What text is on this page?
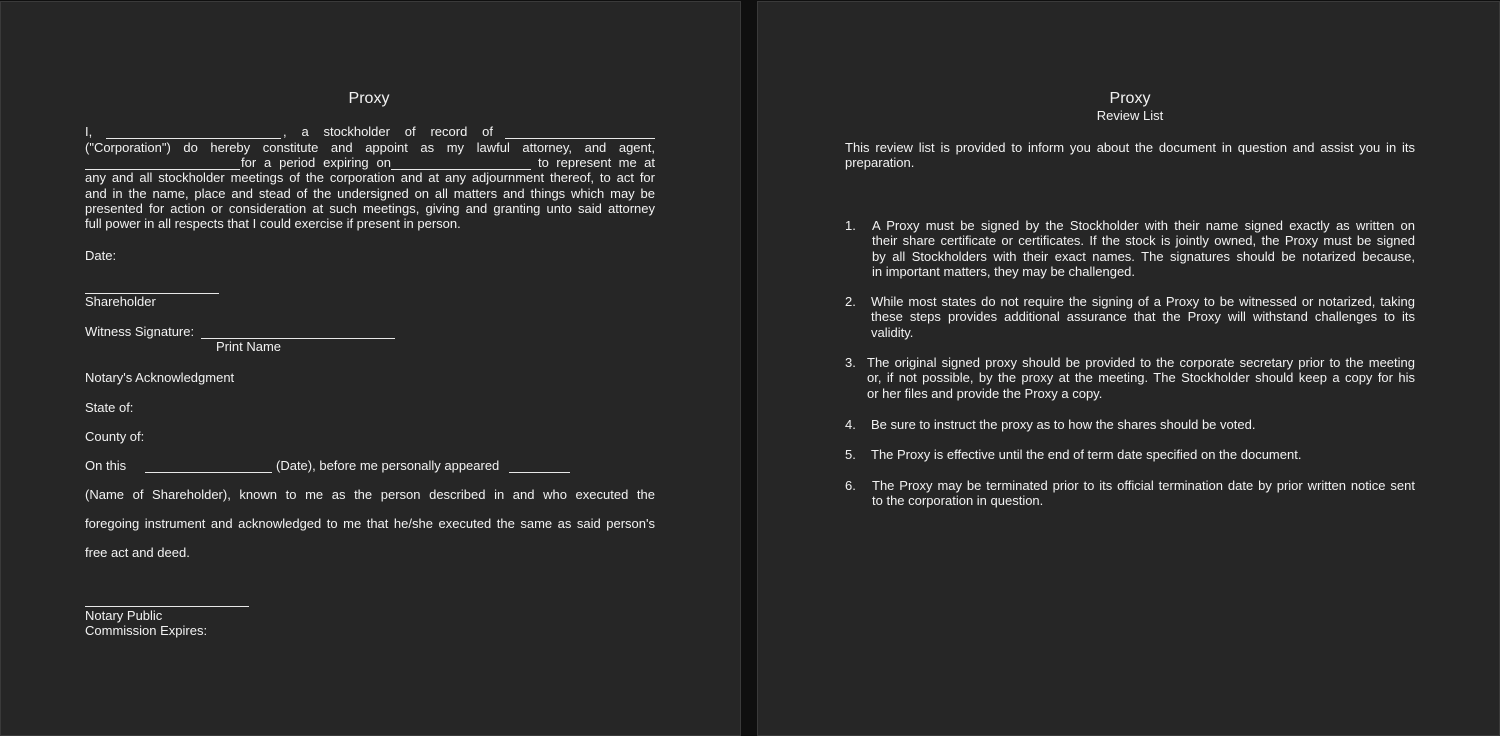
Proxy
I,	, a stockholder of record of
("Corporation") do hereby constitute and appoint as my lawful attorney, and agent,
for a period expiring on	to represent me at
any and all stockholder meetings of the corporation and at any adjournment thereof, to act for
and in the name, place and stead of the undersigned on all matters and things which may be
presented for action or consideration at such meetings, giving and granting unto said attorney
full power in all respects that I could exercise if present in person.
Date:
Shareholder
Witness Signature:
Print Name
Notary's Acknowledgment
State of:
County of:
On this	(Date), before me personally appeared
(Name of Shareholder), known to me as the person described in and who executed the
foregoing instrument and acknowledged to me that he/she executed the same as said person's
free act and deed.
Notary Public
Commission Expires:
Proxy
Review List
This review list is provided to inform you about the document in question and assist you in its
preparation.
1. A Proxy must be signed by the Stockholder with their name signed exactly as written on
their share certificate or certificates. If the stock is jointly owned, the Proxy must be signed
by all Stockholders with their exact names. The signatures should be notarized because,
in important matters, they may be challenged.
2. While most states do not require the signing of a Proxy to be witnessed or notarized, taking
these steps provides additional assurance that the Proxy will withstand challenges to its
validity.
3. The original signed proxy should be provided to the corporate secretary prior to the meeting
or, if not possible, by the proxy at the meeting. The Stockholder should keep a copy for his
or her files and provide the Proxy a copy.
4. Be sure to instruct the proxy as to how the shares should be voted.
5. The Proxy is effective until the end of term date specified on the document.
6. The Proxy may be terminated prior to its official termination date by prior written notice sent
to the corporation in question.
